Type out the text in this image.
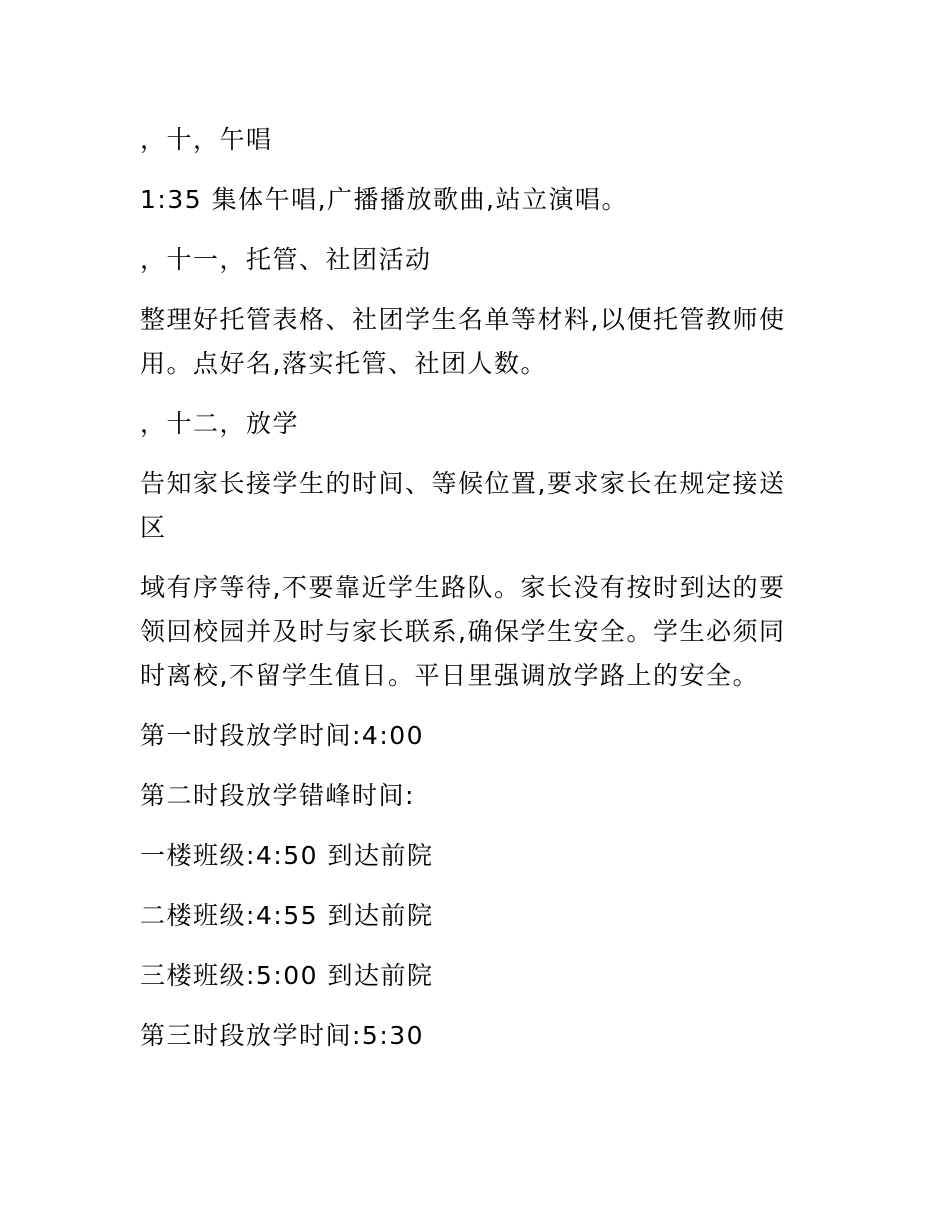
，十，午唱

1:35 集体午唱,广播播放歌曲,站立演唱。

，十一，托管、社团活动

整理好托管表格、社团学生名单等材料,以便托管教师使用。点好名,落实托管、社团人数。

，十二，放学

告知家长接学生的时间、等候位置,要求家长在规定接送区

域有序等待,不要靠近学生路队。家长没有按时到达的要领回校园并及时与家长联系,确保学生安全。学生必须同时离校,不留学生值日。平日里强调放学路上的安全。

第一时段放学时间:4:00

第二时段放学错峰时间:

一楼班级:4:50 到达前院

二楼班级:4:55 到达前院

三楼班级:5:00 到达前院

第三时段放学时间:5:30
